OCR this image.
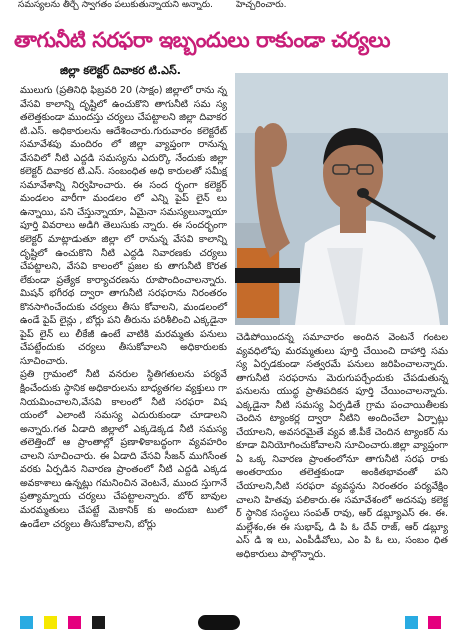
సమస్యలను తీర్చే స్వాగతం పలుకుతున్నాయని అన్నారు.	హెచ్చరించారు.
తాగునీటి సరఫరా ఇబ్బందులు రాకుండా చర్యలు
జిల్లా కలెక్టర్ దివాకర టి.ఎస్.

ములుగు (ప్రతినిధి ఫిబ్రవరి 20 (సాక్షం) జిల్లాలో రాను న్న వేసవి కాలాన్ని దృష్టిలో ఉంచుకొని తాగునీటి సమ స్య తలెత్తకుండా ముందస్తు చర్యలు చేపట్టాలని జిల్లా దివాకర టి.ఎస్. అధికారులను ఆదేశించారు.గురువారం కలెక్టరేట్ సమావేశపు మందిరం లో జిల్లా వ్యాప్తంగా రానున్న వేసవిలో నీటి ఎద్దడి సమస్యను ఎదుర్కొ నేందుకు జిల్లా కలెక్టర్ దివాకర టి.ఎస్. సంబంధిత అధి కారులతో సమీక్ష సమావేశాన్ని నిర్వహించారు. ఈ సంద ర్భంగా కలెక్టర్ మండలం వారీగా మండలం లో ఎన్ని పైప్ లైన్ లు ఉన్నాయి, పని చేస్తున్నాయా, ఏమైనా సమస్యలున్నాయా పూర్తి వివరాలు అడిగి తెలుసుకు న్నారు. ఈ సందర్భంగా కలెక్టర్ మాట్లాడుతూ జిల్లా లో రానున్న వేసవి కాలాన్ని దృష్టిలో ఉంచుకొని నీటి ఎద్దడి నివారణకు చర్యలు చేపట్టాలని, వేసవి కాలంలో ప్రజల కు తాగునీటి కొరత లేకుండా ప్రత్యేక కార్యాచరణను రూపొందించాలన్నారు. మిషన్ భగీరథ ద్వారా తాగునీటి సరఫరాను నిరంతరం కొనసాగించేందుకు చర్యలు తీసు కోవాలని, మండలంలో ఉండే పైప్ లైన్లు , బోర్లు పని తీరును పరిశీలించి ఎక్కడైనా పైప్ లైన్ లు లీకేజీ ఉంటే వాటికి మరమ్మతు పనులు చేపట్టేందుకు చర్యలు తీసుకోవాలని అధికారులకు సూచించారు.

ప్రతి గ్రామంలో నీటి వనరుల స్థితిగతులను పర్యవే క్షించేందుకు స్థానిక అధికారులను బాధ్యతగల వ్యక్తులు గా నియమించాలని,వేసవి కాలంలో నీటి సరఫరా విష యంలో ఎలాంటి సమస్య ఎదురుకుండా చూడాలని అన్నారు.గత ఏడాది జిల్లాలో ఎక్కడెక్కడ నీటి సమస్య తలెత్తిందో ఆ ప్రాంతాల్లో ప్రణాళికాబద్ధంగా వ్యవహరిం చాలని సూచించారు. ఈ ఏడాది వేసవి సీజన్ ముగిసేంత వరకు ఏర్పడిన నివారణ ప్రాంతంలో నీటి ఎద్దడి ఎక్కడ అవకాశాలు ఉన్నట్లు గమనించిన వెంటనే, ముంద స్తుగానే ప్రత్యామ్నాయ చర్యలు చేపట్టాలన్నారు. బోర్ బావుల మరమ్మతులు చేపట్టే మెకానిక్ కు అందుబా టులో ఉండేలా చర్యలు తీసుకోవాలని, బోర్లు

చెడిపోయిందన్న సమాచారం అందిన వెంటనే గంటల వ్యవధిలోపు మరమ్మతులు పూర్తి చేయించి దాహార్తి సమ స్య ఏర్పడకుండా సత్వరమే పనులు జరిపించాలన్నారు. తాగునీటి సరఫరాను మెరుగుపర్చేందుకు చేపడుతున్న పనులను యుద్ధ ప్రాతిపదికన పూర్తి చేయించాలన్నారు. ఎక్కడైనా నీటి సమస్య ఏర్పడితే గ్రామ పంచాయితీలకు చెందిన ట్యాంకర్ల ద్వారా నీటిని అందించేలా ఏర్పాట్లు చేయాలని, అవసరమైతే వ్యవ జీ.పీకే చెందిన ట్యాంకర్ ను కూడా వినియోగించుకోవాలని సూచించారు.జిల్లా వ్యాప్తంగా ఏ ఒక్క నివారణ ప్రాంతంలోనూ తాగునీటి సరఫ రాకు అంతరాయం తలెత్తకుండా అంకితభావంతో పని చేయాలని,నీటి సరఫరా వ్యవస్థను నిరంతరం పర్యవేక్షిం చాలని హితవు పలికారు.ఈ సమావేశంలో అదనపు కలెక్ట ర్ స్థానిక సంస్థలు సంపత్ రావు, ఆర్ డబ్ల్యూఎస్ ఈ. ఈ. మల్లేశం,ఈ ఈ సుభాష్, డి పి ఓ దేవ్ రాజ్, ఆర్ డబ్ల్యూ ఎస్ డి ఇ లు, ఎంపీడీవోలు, ఎం పి ఓ లు, సంబం ధిత అధికారులు పాల్గొన్నారు.
